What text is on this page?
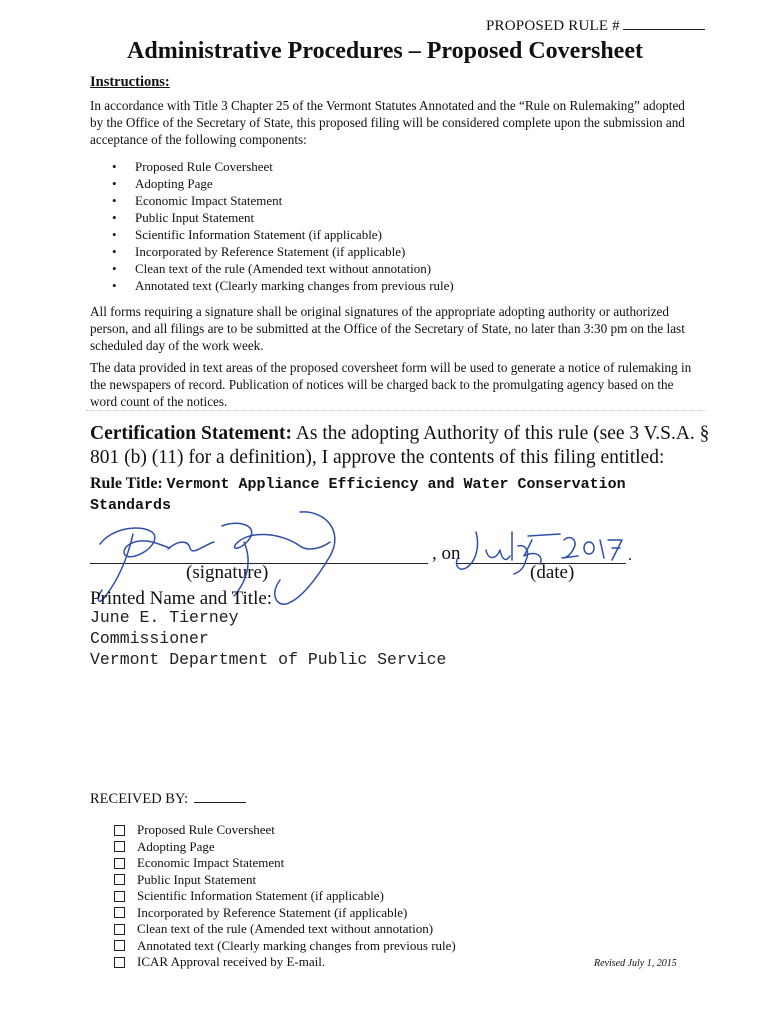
PROPOSED RULE #
Administrative Procedures – Proposed Coversheet
Instructions:
In accordance with Title 3 Chapter 25 of the Vermont Statutes Annotated and the “Rule on Rulemaking” adopted by the Office of the Secretary of State, this proposed filing will be considered complete upon the submission and acceptance of the following components:
• Proposed Rule Coversheet
• Adopting Page
• Economic Impact Statement
• Public Input Statement
• Scientific Information Statement (if applicable)
• Incorporated by Reference Statement (if applicable)
• Clean text of the rule (Amended text without annotation)
• Annotated text (Clearly marking changes from previous rule)
All forms requiring a signature shall be original signatures of the appropriate adopting authority or authorized person, and all filings are to be submitted at the Office of the Secretary of State, no later than 3:30 pm on the last scheduled day of the work week.
The data provided in text areas of the proposed coversheet form will be used to generate a notice of rulemaking in the newspapers of record. Publication of notices will be charged back to the promulgating agency based on the word count of the notices.
Certification Statement: As the adopting Authority of this rule (see 3 V.S.A. § 801 (b) (11) for a definition), I approve the contents of this filing entitled:
Rule Title: Vermont Appliance Efficiency and Water Conservation Standards
, on	.
(signature)	(date)
Printed Name and Title:
June E. Tierney
Commissioner
Vermont Department of Public Service
RECEIVED BY:
Proposed Rule Coversheet
Adopting Page
Economic Impact Statement
Public Input Statement
Scientific Information Statement (if applicable)
Incorporated by Reference Statement (if applicable)
Clean text of the rule (Amended text without annotation)
Annotated text (Clearly marking changes from previous rule)
ICAR Approval received by E-mail.	Revised July 1, 2015
